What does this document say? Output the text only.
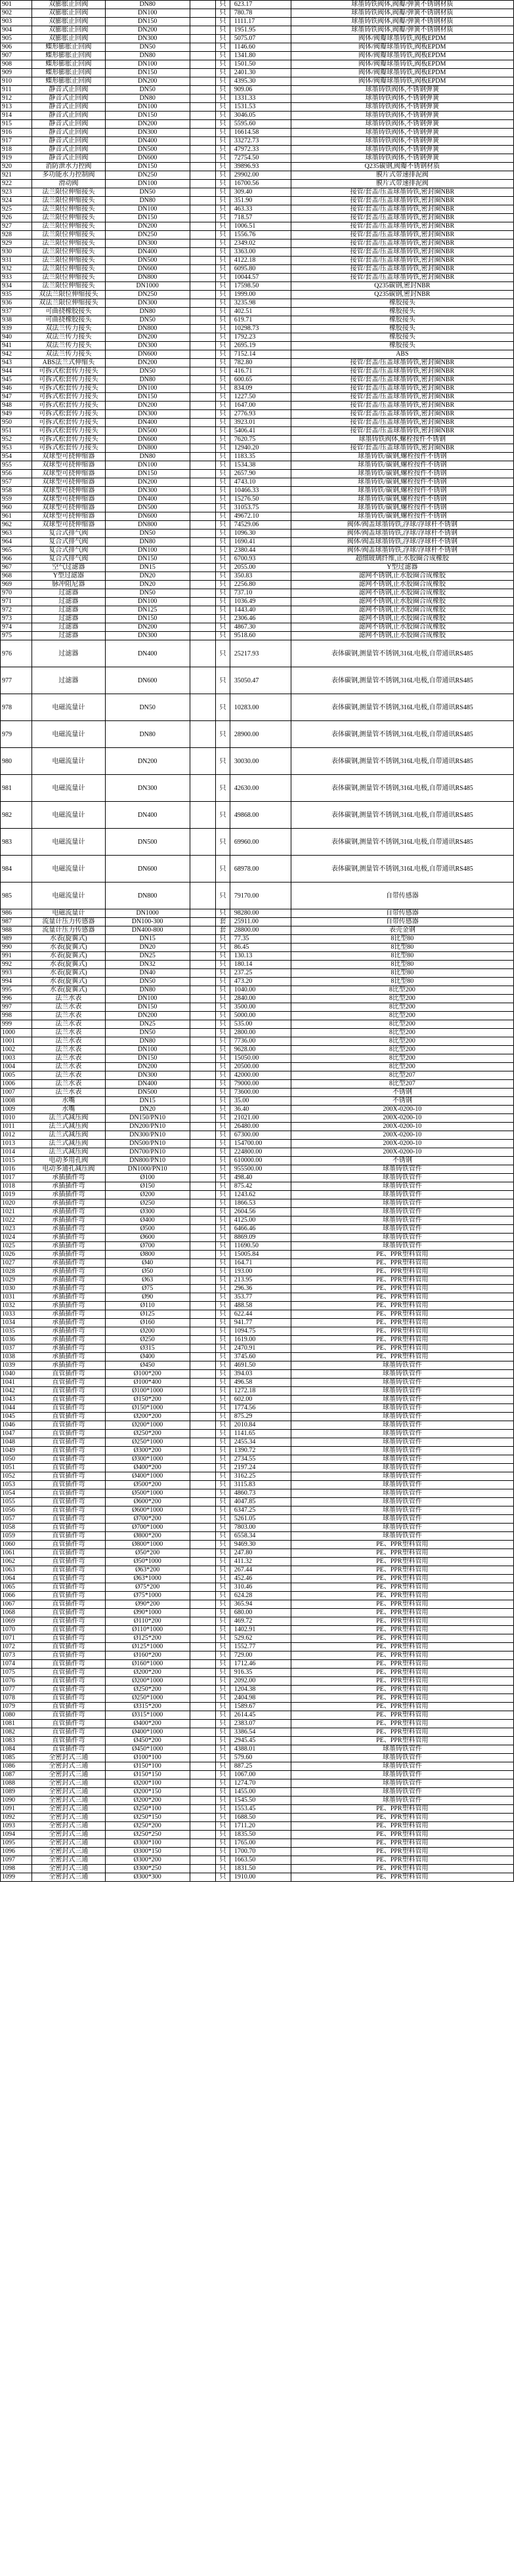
901	双膨胀止回阀	DN80		只	623.17	球墨铸铁阀体,阀瓣/弹簧不锈钢材质
902	双膨胀止回阀	DN100		只	780.78	球墨铸铁阀体,阀瓣/弹簧不锈钢材质
903	双膨胀止回阀	DN150		只	1111.17	球墨铸铁阀体,阀瓣/弹簧不锈钢材质
904	双膨胀止回阀	DN200		只	1951.95	球墨铸铁阀体,阀瓣/弹簧不锈钢材质
905	双膨胀止回阀	DN300		只	5075.07	阀体/阀瓣球墨铸铁,阀板EPDM
906	蝶形膨胀止回阀	DN50		只	1146.60	阀体/阀瓣球墨铸铁,阀板EPDM
907	蝶形膨胀止回阀	DN80		只	1341.80	阀体/阀瓣球墨铸铁,阀板EPDM
908	蝶形膨胀止回阀	DN100		只	1501.50	阀体/阀瓣球墨铸铁,阀板EPDM
909	蝶形膨胀止回阀	DN150		只	2401.30	阀体/阀瓣球墨铸铁,阀板EPDM
910	蝶形膨胀止回阀	DN200		只	4395.30	阀体/阀瓣球墨铸铁,阀板EPDM
911	静音式止回阀	DN50		只	909.06	球墨铸铁阀体,不锈钢弹簧
912	静音式止回阀	DN80		只	1331.33	球墨铸铁阀体,不锈钢弹簧
913	静音式止回阀	DN100		只	1531.53	球墨铸铁阀体,不锈钢弹簧
914	静音式止回阀	DN150		只	3046.05	球墨铸铁阀体,不锈钢弹簧
915	静音式止回阀	DN200		只	5595.60	球墨铸铁阀体,不锈钢弹簧
916	静音式止回阀	DN300		只	16614.58	球墨铸铁阀体,不锈钢弹簧
917	静音式止回阀	DN400		只	33272.73	球墨铸铁阀体,不锈钢弹簧
918	静音式止回阀	DN500		只	47972.33	球墨铸铁阀体,不锈钢弹簧
919	静音式止回阀	DN600		只	72754.50	球墨铸铁阀体,不锈钢弹簧
920	消防泄水力控阀	DN150		只	39896.93	Q235碳钢,阀瓣不锈钢材质
921	多功能水力控制阀	DN250		只	29902.00	膜片式带速排泥阀
922	滑动阀	DN100		只	16700.56	膜片式带速排泥阀
923	法兰限位伸缩接头	DN50		只	309.40	接管/套盖/压盖球墨铸铁,密封圈NBR
924	法兰限位伸缩接头	DN80		只	351.90	接管/套盖/压盖球墨铸铁,密封圈NBR
925	法兰限位伸缩接头	DN100		只	463.33	接管/套盖/压盖球墨铸铁,密封圈NBR
926	法兰限位伸缩接头	DN150		只	718.57	接管/套盖/压盖球墨铸铁,密封圈NBR
927	法兰限位伸缩接头	DN200		只	1006.51	接管/套盖/压盖球墨铸铁,密封圈NBR
928	法兰限位伸缩接头	DN250		只	1556.76	接管/套盖/压盖球墨铸铁,密封圈NBR
929	法兰限位伸缩接头	DN300		只	2349.02	接管/套盖/压盖球墨铸铁,密封圈NBR
930	法兰限位伸缩接头	DN400		只	3363.00	接管/套盖/压盖球墨铸铁,密封圈NBR
931	法兰限位伸缩接头	DN500		只	4122.18	接管/套盖/压盖球墨铸铁,密封圈NBR
932	法兰限位伸缩接头	DN600		只	6095.80	接管/套盖/压盖球墨铸铁,密封圈NBR
933	法兰限位伸缩接头	DN800		只	10044.57	接管/套盖/压盖球墨铸铁,密封圈NBR
934	法兰限位伸缩接头	DN1000		只	17598.50	Q235碳钢,密封NBR
935	双法兰限位伸缩接头	DN250		只	1999.00	Q235碳钢,密封NBR
936	双法兰限位伸缩接头	DN300		只	3235.98	橡胶接头
937	可曲挠橡胶接头	DN80		只	402.51	橡胶接头
938	可曲挠橡胶接头	DN50		只	619.71	橡胶接头
939	双法兰传力接头	DN800		只	10298.73	橡胶接头
940	双法兰传力接头	DN200		只	1792.23	橡胶接头
941	双法兰传力接头	DN300		只	2695.19	橡胶接头
942	双法兰传力接头	DN600		只	7152.14	ABS
943	ABS法兰式伸缩头	DN200		只	782.80	接管/套盖/压盖球墨铸铁,密封圈NBR
944	可拆式松套传力接头	DN50		只	416.71	接管/套盖/压盖球墨铸铁,密封圈NBR
945	可拆式松套传力接头	DN80		只	600.65	接管/套盖/压盖球墨铸铁,密封圈NBR
946	可拆式松套传力接头	DN100		只	834.09	接管/套盖/压盖球墨铸铁,密封圈NBR
947	可拆式松套传力接头	DN150		只	1227.50	接管/套盖/压盖球墨铸铁,密封圈NBR
948	可拆式松套传力接头	DN200		只	1647.00	接管/套盖/压盖球墨铸铁,密封圈NBR
949	可拆式松套传力接头	DN300		只	2776.93	接管/套盖/压盖球墨铸铁,密封圈NBR
950	可拆式松套传力接头	DN400		只	3923.01	接管/套盖/压盖球墨铸铁,密封圈NBR
951	可拆式松套传力接头	DN500		只	5406.41	接管/套盖/压盖球墨铸铁,密封圈NBR
952	可拆式松套传力接头	DN600		只	7620.75	球墨铸铁阀体,螺栓按件不锈钢
953	可拆式松套传力接头	DN800		只	12940.20	接管/套盖/压盖球墨铸铁,密封圈NBR
954	双球型可挠伸缩器	DN80		只	1183.35	球墨铸铁/碳钢,螺栓按件不锈钢
955	双球型可挠伸缩器	DN100		只	1534.38	球墨铸铁/碳钢,螺栓按件不锈钢
956	双球型可挠伸缩器	DN150		只	2657.90	球墨铸铁/碳钢,螺栓按件不锈钢
957	双球型可挠伸缩器	DN200		只	4743.10	球墨铸铁/碳钢,螺栓按件不锈钢
958	双球型可挠伸缩器	DN300		只	10466.33	球墨铸铁/碳钢,螺栓按件不锈钢
959	双球型可挠伸缩器	DN400		只	15276.50	球墨铸铁/碳钢,螺栓按件不锈钢
960	双球型可挠伸缩器	DN500		只	31053.75	球墨铸铁/碳钢,螺栓按件不锈钢
961	双球型可挠伸缩器	DN600		只	49672.10	球墨铸铁/碳钢,螺栓按件不锈钢
962	双球型可挠伸缩器	DN800		只	74529.06	阀体/阀盖球墨铸铁,浮球/浮球杆不锈钢
963	复合式排气阀	DN50		只	1096.30	阀体/阀盖球墨铸铁,浮球/浮球杆不锈钢
964	复合式排气阀	DN80		只	1690.41	阀体/阀盖球墨铸铁,浮球/浮球杆不锈钢
965	复合式排气阀	DN100		只	2380.44	阀体/阀盖球墨铸铁,浮球/浮球杆不锈钢
966	复合式排气阀	DN150		只	6700.93	超细玻璃纤维,止水胶圈合成橡胶
967	空气过滤器	DN15		只	2055.00	Y型过滤器
968	Y型过滤器	DN20		只	350.83	滤网不锈钢,止水胶圈合成橡胶
969	脉冲阻尼器	DN20		只	2256.80	滤网不锈钢,止水胶圈合成橡胶
970	过滤器	DN50		只	737.10	滤网不锈钢,止水胶圈合成橡胶
971	过滤器	DN100		只	1036.49	滤网不锈钢,止水胶圈合成橡胶
972	过滤器	DN125		只	1443.40	滤网不锈钢,止水胶圈合成橡胶
973	过滤器	DN150		只	2306.46	滤网不锈钢,止水胶圈合成橡胶
974	过滤器	DN200		只	4867.30	滤网不锈钢,止水胶圈合成橡胶
975	过滤器	DN300		只	9518.60	滤网不锈钢,止水胶圈合成橡胶
976	过滤器	DN400		只	25217.93	表体碳钢,测量管不锈钢,316L电极,自带通讯RS485
977	过滤器	DN600		只	35050.47	表体碳钢,测量管不锈钢,316L电极,自带通讯RS485
978	电磁流量计	DN50		只	10283.00	表体碳钢,测量管不锈钢,316L电极,自带通讯RS485
979	电磁流量计	DN80		只	28900.00	表体碳钢,测量管不锈钢,316L电极,自带通讯RS485
980	电磁流量计	DN200		只	30030.00	表体碳钢,测量管不锈钢,316L电极,自带通讯RS485
981	电磁流量计	DN300		只	42630.00	表体碳钢,测量管不锈钢,316L电极,自带通讯RS485
982	电磁流量计	DN400		只	49868.00	表体碳钢,测量管不锈钢,316L电极,自带通讯RS485
983	电磁流量计	DN500		只	69960.00	表体碳钢,测量管不锈钢,316L电极,自带通讯RS485
984	电磁流量计	DN600		只	68978.00	表体碳钢,测量管不锈钢,316L电极,自带通讯RS485
985	电磁流量计	DN800		只	79170.00	自带传感器
986	电磁流量计	DN1000		只	98280.00	自带传感器
987	流量计压力传感器	DN100-300		套	25911.00	自带传感器
988	流量计压力传感器	DN400-800		套	28800.00	表壳金钢
989	水表(旋翼式)	DN15		只	77.35	8比型80
990	水表(旋翼式)	DN20		只	86.45	8比型80
991	水表(旋翼式)	DN25		只	130.13	8比型80
992	水表(旋翼式)	DN32		只	180.14	8比型80
993	水表(旋翼式)	DN40		只	237.25	8比型80
994	水表(旋翼式)	DN50		只	473.20	8比型80
995	水表(旋翼式)	DN80		只	1040.00	8比型200
996	法兰水表	DN100		只	2840.00	8比型200
997	法兰水表	DN150		只	3500.00	8比型200
998	法兰水表	DN200		只	5000.00	8比型200
999	法兰水表	DN25		只	535.00	8比型200
1000	法兰水表	DN50		只	2800.00	8比型200
1001	法兰水表	DN80		只	7736.00	8比型200
1002	法兰水表	DN100		只	9628.00	8比型200
1003	法兰水表	DN150		只	15050.00	8比型200
1004	法兰水表	DN200		只	20500.00	8比型200
1005	法兰水表	DN300		只	42000.00	8比型207
1006	法兰水表	DN400		只	79000.00	8比型207
1007	法兰水表	DN500		只	73600.00	不锈钢
1008	水嘴	DN15		只	35.00	不锈钢
1009	水嘴	DN20		只	36.40	200X-0200-10
1010	法兰式减压阀	DN150/PN10		只	21021.00	200X-0200-10
1011	法兰式减压阀	DN200/PN10		只	26480.00	200X-0200-10
1012	法兰式减压阀	DN300/PN10		只	67300.00	200X-0200-10
1013	法兰式减压阀	DN500/PN10		只	154700.00	200X-0200-10
1014	法兰式减压阀	DN700/PN10		只	224800.00	200X-0200-10
1015	电动多用孔阀	DN800/PN10		只	610000.00	不锈钢
1016	电动多通孔减压阀	DN1000/PN10		只	955500.00	球墨铸铁管件
1017	承插插件弯	Ø100		只	498.40	球墨铸铁管件
1018	承插插件弯	Ø150		只	875.42	球墨铸铁管件
1019	承插插件弯	Ø200		只	1243.62	球墨铸铁管件
1020	承插插件弯	Ø250		只	1866.53	球墨铸铁管件
1021	承插插件弯	Ø300		只	2604.56	球墨铸铁管件
1022	承插插件弯	Ø400		只	4125.00	球墨铸铁管件
1023	承插插件弯	Ø500		只	6466.46	球墨铸铁管件
1024	承插插件弯	Ø600		只	8869.09	球墨铸铁管件
1025	承插插件弯	Ø700		只	11690.50	球墨铸铁管件
1026	承插插件弯	Ø800		只	15005.84	PE、PPR塑料管用
1027	承插插件弯	Ø40		只	164.71	PE、PPR塑料管用
1028	承插插件弯	Ø50		只	193.00	PE、PPR塑料管用
1029	承插插件弯	Ø63		只	213.95	PE、PPR塑料管用
1030	承插插件弯	Ø75		只	296.36	PE、PPR塑料管用
1031	承插插件弯	Ø90		只	353.77	PE、PPR塑料管用
1032	承插插件弯	Ø110		只	488.58	PE、PPR塑料管用
1033	承插插件弯	Ø125		只	622.44	PE、PPR塑料管用
1034	承插插件弯	Ø160		只	941.77	PE、PPR塑料管用
1035	承插插件弯	Ø200		只	1094.75	PE、PPR塑料管用
1036	承插插件弯	Ø250		只	1619.00	PE、PPR塑料管用
1037	承插插件弯	Ø315		只	2470.91	PE、PPR塑料管用
1038	承插插件弯	Ø400		只	3745.60	PE、PPR塑料管用
1039	承插插件弯	Ø450		只	4691.50	球墨铸铁管件
1040	直管插件弯	Ø100*200		只	394.03	球墨铸铁管件
1041	直管插件弯	Ø100*400		只	496.58	球墨铸铁管件
1042	直管插件弯	Ø100*1000		只	1272.18	球墨铸铁管件
1043	直管插件弯	Ø150*200		只	602.00	球墨铸铁管件
1044	直管插件弯	Ø150*1000		只	1774.56	球墨铸铁管件
1045	直管插件弯	Ø200*200		只	875.29	球墨铸铁管件
1046	直管插件弯	Ø200*1000		只	2010.84	球墨铸铁管件
1047	直管插件弯	Ø250*200		只	1141.65	球墨铸铁管件
1048	直管插件弯	Ø250*1000		只	2455.34	球墨铸铁管件
1049	直管插件弯	Ø300*200		只	1390.72	球墨铸铁管件
1050	直管插件弯	Ø300*1000		只	2734.55	球墨铸铁管件
1051	直管插件弯	Ø400*200		只	2197.24	球墨铸铁管件
1052	直管插件弯	Ø400*1000		只	3162.25	球墨铸铁管件
1053	直管插件弯	Ø500*200		只	3115.83	球墨铸铁管件
1054	直管插件弯	Ø500*1000		只	4860.73	球墨铸铁管件
1055	直管插件弯	Ø600*200		只	4047.85	球墨铸铁管件
1056	直管插件弯	Ø600*1000		只	6347.25	球墨铸铁管件
1057	直管插件弯	Ø700*200		只	5261.05	球墨铸铁管件
1058	直管插件弯	Ø700*1000		只	7803.00	球墨铸铁管件
1059	直管插件弯	Ø800*200		只	6558.34	球墨铸铁管件
1060	直管插件弯	Ø800*1000		只	9469.30	PE、PPR塑料管用
1061	直管插件弯	Ø50*200		只	247.80	PE、PPR塑料管用
1062	直管插件弯	Ø50*1000		只	411.32	PE、PPR塑料管用
1063	直管插件弯	Ø63*200		只	267.44	PE、PPR塑料管用
1064	直管插件弯	Ø63*1000		只	452.46	PE、PPR塑料管用
1065	直管插件弯	Ø75*200		只	310.46	PE、PPR塑料管用
1066	直管插件弯	Ø75*1000		只	624.28	PE、PPR塑料管用
1067	直管插件弯	Ø90*200		只	365.94	PE、PPR塑料管用
1068	直管插件弯	Ø90*1000		只	680.00	PE、PPR塑料管用
1069	直管插件弯	Ø110*200		只	469.72	PE、PPR塑料管用
1070	直管插件弯	Ø110*1000		只	1402.91	PE、PPR塑料管用
1071	直管插件弯	Ø125*200		只	529.62	PE、PPR塑料管用
1072	直管插件弯	Ø125*1000		只	1552.77	PE、PPR塑料管用
1073	直管插件弯	Ø160*200		只	729.00	PE、PPR塑料管用
1074	直管插件弯	Ø160*1000		只	1712.46	PE、PPR塑料管用
1075	直管插件弯	Ø200*200		只	916.35	PE、PPR塑料管用
1076	直管插件弯	Ø200*1000		只	2092.00	PE、PPR塑料管用
1077	直管插件弯	Ø250*200		只	1204.38	PE、PPR塑料管用
1078	直管插件弯	Ø250*1000		只	2404.98	PE、PPR塑料管用
1079	直管插件弯	Ø315*200		只	1589.67	PE、PPR塑料管用
1080	直管插件弯	Ø315*1000		只	2614.45	PE、PPR塑料管用
1081	直管插件弯	Ø400*200		只	2383.07	PE、PPR塑料管用
1082	直管插件弯	Ø400*1000		只	3386.54	PE、PPR塑料管用
1083	直管插件弯	Ø450*200		只	2945.45	PE、PPR塑料管用
1084	直管插件弯	Ø450*1000		只	4388.01	球墨铸铁管件
1085	全密封式三通	Ø100*100		只	579.60	球墨铸铁管件
1086	全密封式三通	Ø150*100		只	887.25	球墨铸铁管件
1087	全密封式三通	Ø150*150		只	1067.00	球墨铸铁管件
1088	全密封式三通	Ø200*100		只	1274.70	球墨铸铁管件
1089	全密封式三通	Ø200*150		只	1455.00	球墨铸铁管件
1090	全密封式三通	Ø200*200		只	1545.50	球墨铸铁管件
1091	全密封式三通	Ø250*100		只	1553.45	PE、PPR塑料管用
1092	全密封式三通	Ø250*150		只	1688.50	PE、PPR塑料管用
1093	全密封式三通	Ø250*200		只	1711.20	PE、PPR塑料管用
1094	全密封式三通	Ø250*250		只	1835.50	PE、PPR塑料管用
1095	全密封式三通	Ø300*100		只	1765.00	PE、PPR塑料管用
1096	全密封式三通	Ø300*150		只	1700.70	PE、PPR塑料管用
1097	全密封式三通	Ø300*200		只	1663.50	PE、PPR塑料管用
1098	全密封式三通	Ø300*250		只	1831.50	PE、PPR塑料管用
1099	全密封式三通	Ø300*300		只	1910.00	PE、PPR塑料管用
